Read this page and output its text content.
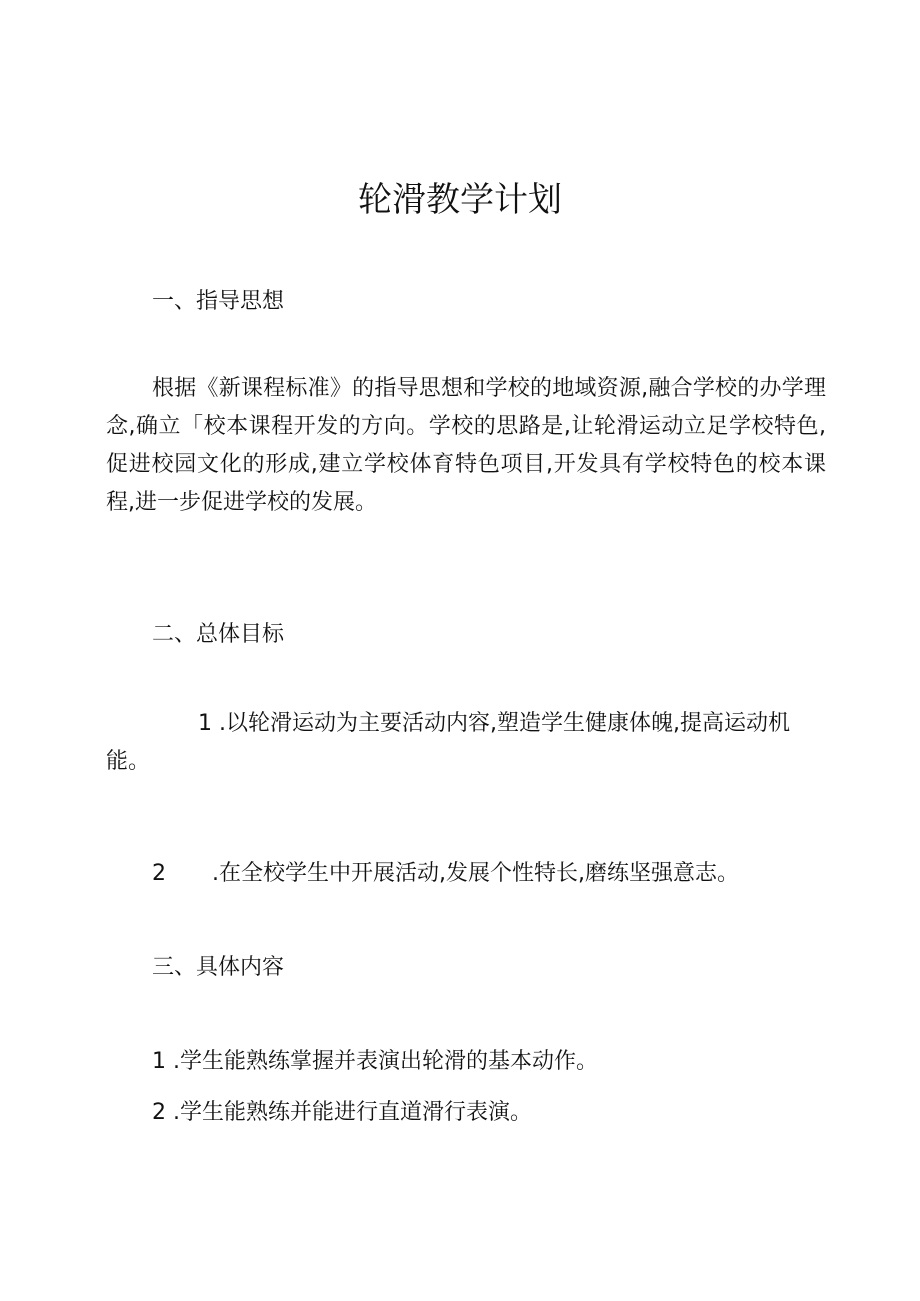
轮滑教学计划

一、指导思想

根据《新课程标准》的指导思想和学校的地域资源,融合学校的办学理念,确立「校本课程开发的方向。学校的思路是,让轮滑运动立足学校特色,促进校园文化的形成,建立学校体育特色项目,开发具有学校特色的校本课程,进一步促进学校的发展。

二、总体目标

1 .以轮滑运动为主要活动内容,塑造学生健康体魄,提高运动机能。

2 .在全校学生中开展活动,发展个性特长,磨练坚强意志。

三、具体内容

1 .学生能熟练掌握并表演出轮滑的基本动作。

2 .学生能熟练并能进行直道滑行表演。
